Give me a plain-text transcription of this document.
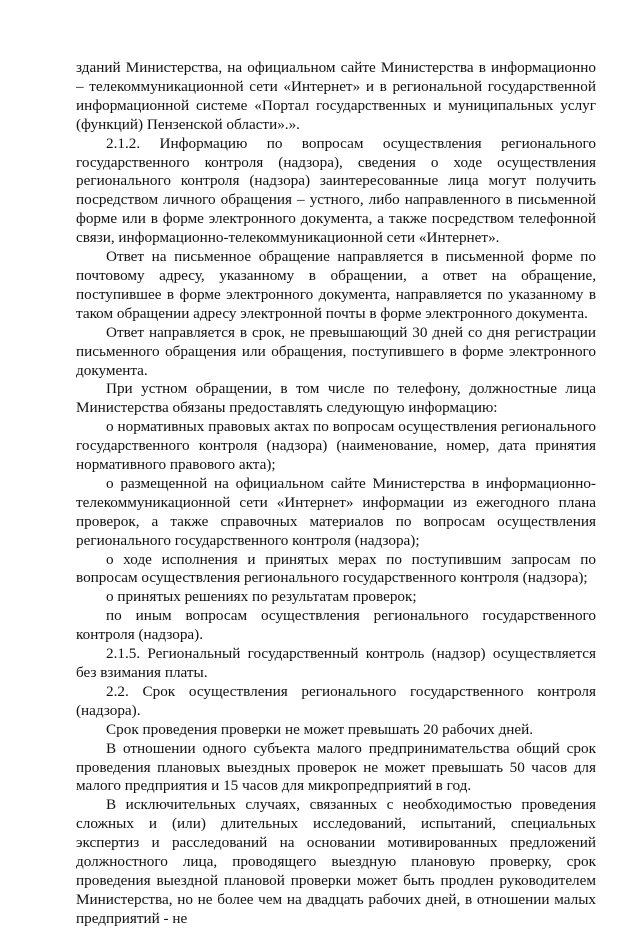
зданий Министерства, на официальном сайте Министерства в информационно – телекоммуникационной сети «Интернет» и в региональной государственной информационной системе «Портал государственных и муниципальных услуг (функций) Пензенской области».».

2.1.2. Информацию по вопросам осуществления регионального государственного контроля (надзора), сведения о ходе осуществления регионального контроля (надзора) заинтересованные лица могут получить посредством личного обращения – устного, либо направленного в письменной форме или в форме электронного документа, а также посредством телефонной связи, информационно-телекоммуникационной сети «Интернет».

Ответ на письменное обращение направляется в письменной форме по почтовому адресу, указанному в обращении, а ответ на обращение, поступившее в форме электронного документа, направляется по указанному в таком обращении адресу электронной почты в форме электронного документа.

Ответ направляется в срок, не превышающий 30 дней со дня регистрации письменного обращения или обращения, поступившего в форме электронного документа.

При устном обращении, в том числе по телефону, должностные лица Министерства обязаны предоставлять следующую информацию:

о нормативных правовых актах по вопросам осуществления регионального государственного контроля (надзора) (наименование, номер, дата принятия нормативного правового акта);

о размещенной на официальном сайте Министерства в информационно-телекоммуникационной сети «Интернет» информации из ежегодного плана проверок, а также справочных материалов по вопросам осуществления регионального государственного контроля (надзора);

о ходе исполнения и принятых мерах по поступившим запросам по вопросам осуществления регионального государственного контроля (надзора);

о принятых решениях по результатам проверок;

по иным вопросам осуществления регионального государственного контроля (надзора).

2.1.5. Региональный государственный контроль (надзор) осуществляется без взимания платы.

2.2. Срок осуществления регионального государственного контроля (надзора).

Срок проведения проверки не может превышать 20 рабочих дней.

В отношении одного субъекта малого предпринимательства общий срок проведения плановых выездных проверок не может превышать 50 часов для малого предприятия и 15 часов для микропредприятий в год.

В исключительных случаях, связанных с необходимостью проведения сложных и (или) длительных исследований, испытаний, специальных экспертиз и расследований на основании мотивированных предложений должностного лица, проводящего выездную плановую проверку, срок проведения выездной плановой проверки может быть продлен руководителем Министерства, но не более чем на двадцать рабочих дней, в отношении малых предприятий - не
